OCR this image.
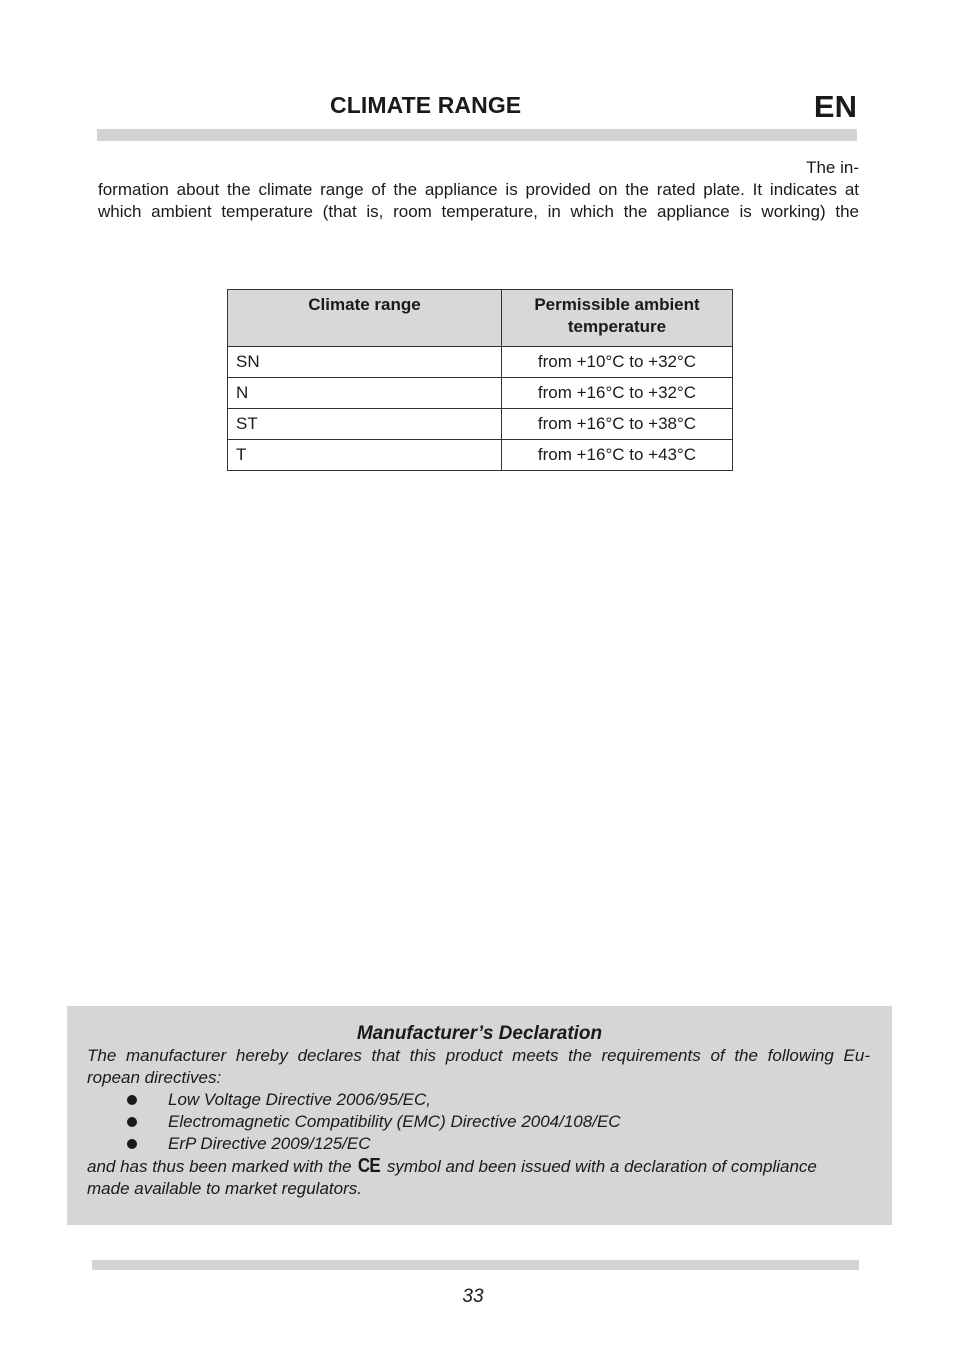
CLIMATE RANGE	EN

The in-
formation about the climate range of the appliance is provided on the rated plate. It indicates at
which ambient temperature (that is, room temperature, in which the appliance is working) the

Climate range	Permissible ambient temperature
SN	from +10°C to +32°C
N	from +16°C to +32°C
ST	from +16°C to +38°C
T	from +16°C to +43°C
Manufacturer’s Declaration
The manufacturer hereby declares that this product meets the requirements of the following Eu-
ropean directives:
Low Voltage Directive 2006/95/EC,
Electromagnetic Compatibility (EMC) Directive 2004/108/EC
ErP Directive 2009/125/EC
and has thus been marked with the CE symbol and been issued with a declaration of compliance
made available to market regulators.
33
